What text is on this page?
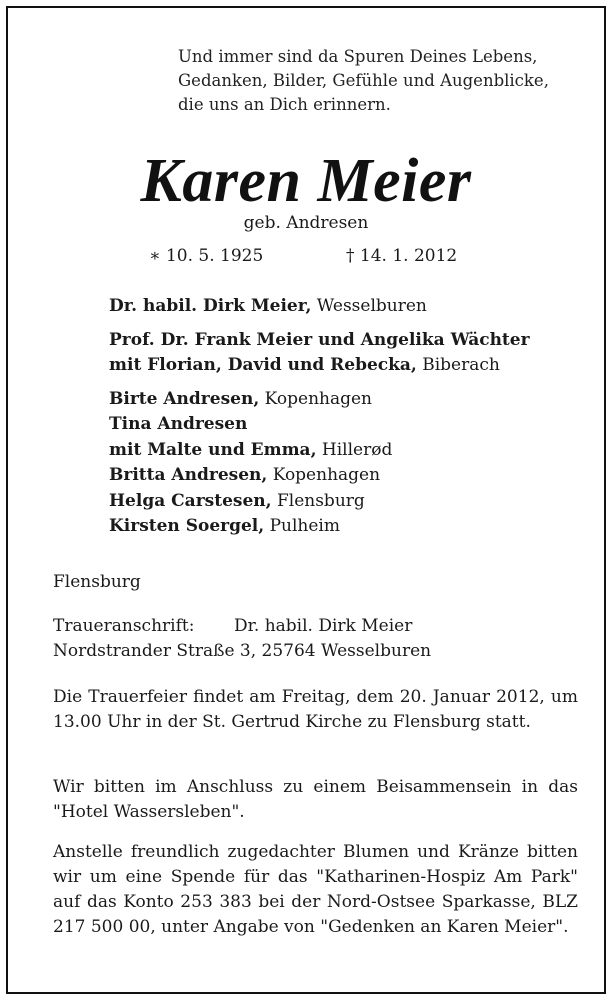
Und immer sind da Spuren Deines Lebens,
Gedanken, Bilder, Gefühle und Augenblicke,
die uns an Dich erinnern.

Karen Meier
geb. Andresen
∗ 10. 5. 1925	† 14. 1. 2012
Dr. habil. Dirk Meier, Wesselburen
Prof. Dr. Frank Meier und Angelika Wächter
mit Florian, David und Rebecka, Biberach
Birte Andresen, Kopenhagen
Tina Andresen
mit Malte und Emma, Hillerød
Britta Andresen, Kopenhagen
Helga Carstesen, Flensburg
Kirsten Soergel, Pulheim
Flensburg
Traueranschrift: Dr. habil. Dirk Meier
Nordstrander Straße 3, 25764 Wesselburen

Die Trauerfeier findet am Freitag, dem 20. Januar 2012, um 13.00 Uhr in der St. Gertrud Kirche zu Flensburg statt.

Wir bitten im Anschluss zu einem Beisammensein in das "Hotel Wassersleben".

Anstelle freundlich zugedachter Blumen und Kränze bitten wir um eine Spende für das "Katharinen-Hospiz Am Park" auf das Konto 253 383 bei der Nord-Ostsee Sparkasse, BLZ 217 500 00, unter Angabe von "Gedenken an Karen Meier".
